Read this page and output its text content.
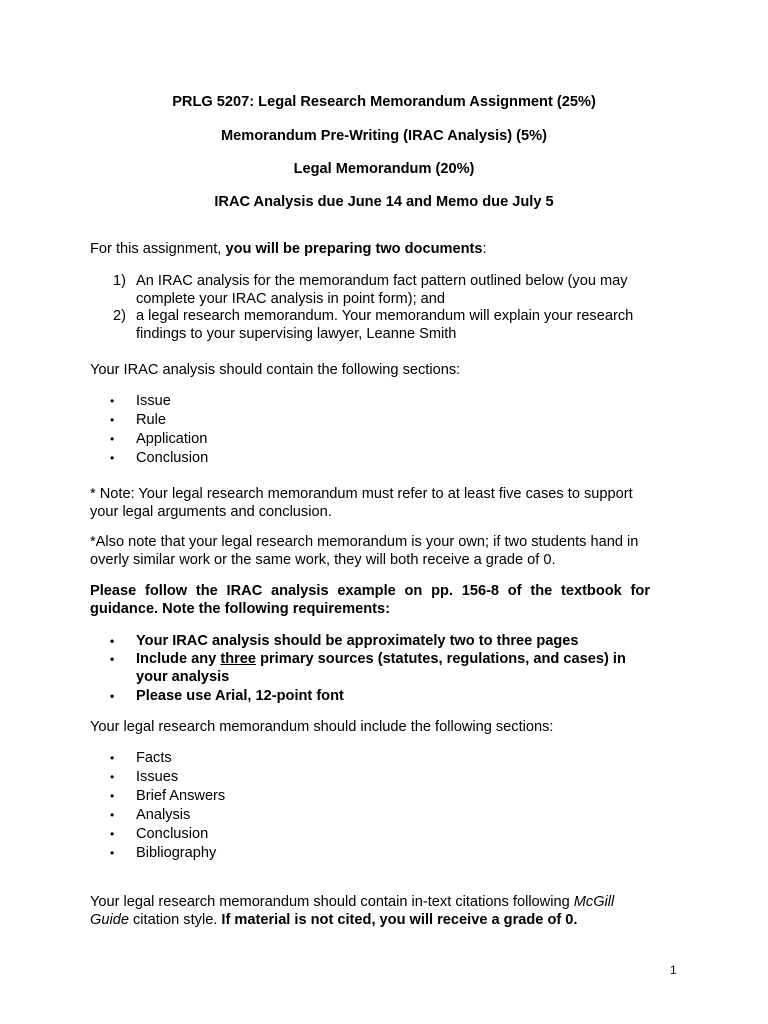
PRLG 5207: Legal Research Memorandum Assignment (25%)

Memorandum Pre-Writing (IRAC Analysis) (5%)

Legal Memorandum (20%)

IRAC Analysis due June 14 and Memo due July 5

For this assignment, you will be preparing two documents:

1) An IRAC analysis for the memorandum fact pattern outlined below (you may complete your IRAC analysis in point form); and
2) a legal research memorandum. Your memorandum will explain your research findings to your supervising lawyer, Leanne Smith

Your IRAC analysis should contain the following sections:

• Issue
• Rule
• Application
• Conclusion

* Note: Your legal research memorandum must refer to at least five cases to support your legal arguments and conclusion.

*Also note that your legal research memorandum is your own; if two students hand in overly similar work or the same work, they will both receive a grade of 0.

Please follow the IRAC analysis example on pp. 156-8 of the textbook for guidance. Note the following requirements:

• Your IRAC analysis should be approximately two to three pages
• Include any three primary sources (statutes, regulations, and cases) in your analysis
• Please use Arial, 12-point font

Your legal research memorandum should include the following sections:

• Facts
• Issues
• Brief Answers
• Analysis
• Conclusion
• Bibliography

Your legal research memorandum should contain in-text citations following McGill Guide citation style. If material is not cited, you will receive a grade of 0.

1
